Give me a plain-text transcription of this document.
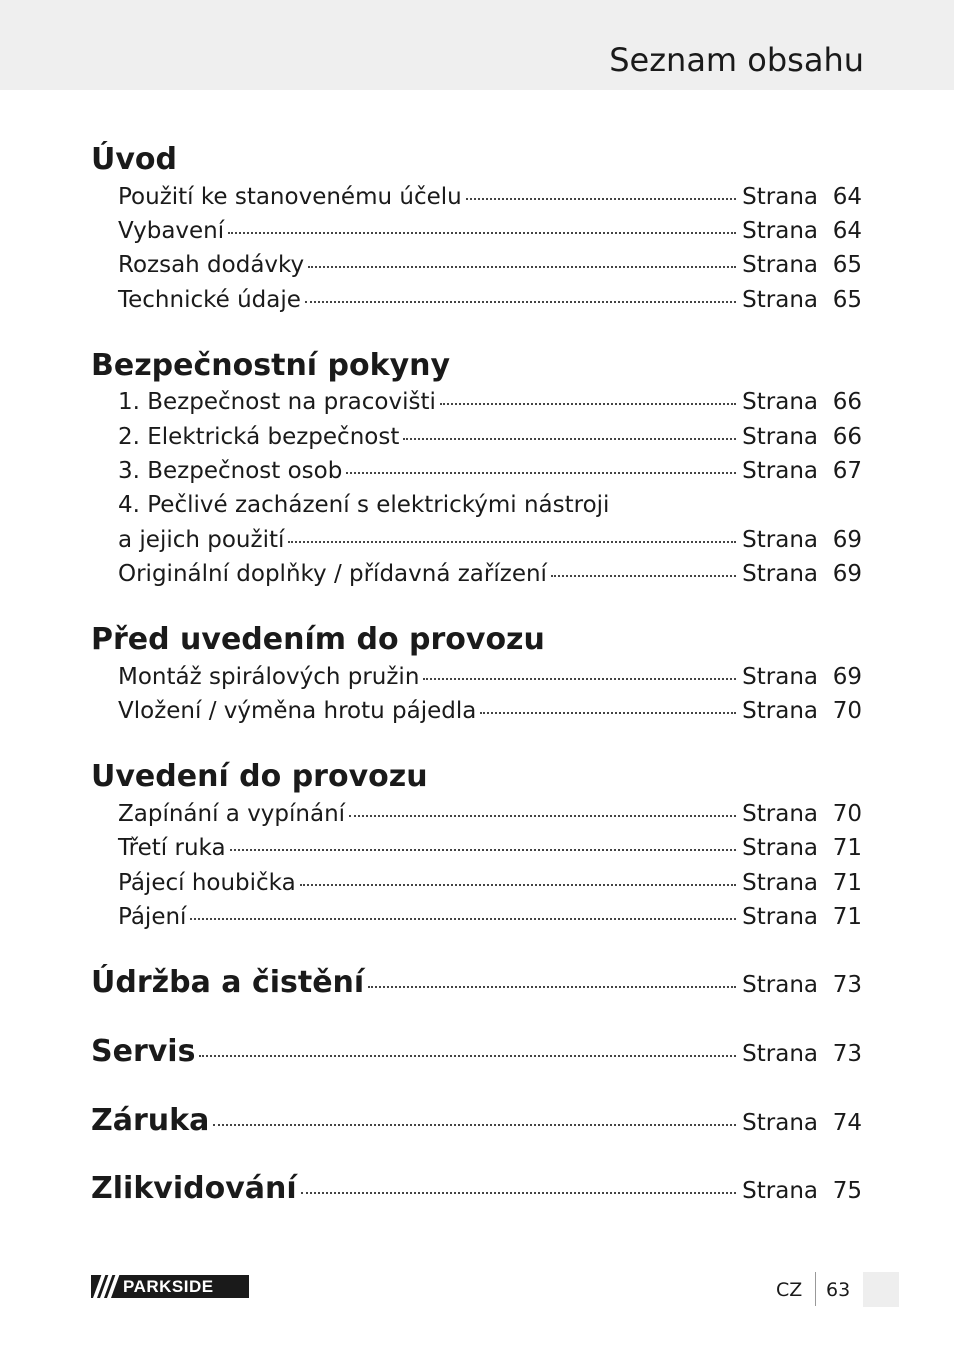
Seznam obsahu
Úvod
Použití ke stanovenému účelu	Strana 64
Vybavení	Strana 64
Rozsah dodávky	Strana 65
Technické údaje	Strana 65
Bezpečnostní pokyny
1. Bezpečnost na pracovišti	Strana 66
2. Elektrická bezpečnost	Strana 66
3. Bezpečnost osob	Strana 67
4. Pečlivé zacházení s elektrickými nástroji
a jejich použití	Strana 69
Originální doplňky / přídavná zařízení	Strana 69
Před uvedením do provozu
Montáž spirálových pružin	Strana 69
Vložení / výměna hrotu pájedla	Strana 70
Uvedení do provozu
Zapínání a vypínání	Strana 70
Třetí ruka	Strana 71
Pájecí houbička	Strana 71
Pájení	Strana 71
Údržba a čistění	Strana 73
Servis	Strana 73
Záruka	Strana 74
Zlikvidování	Strana 75
PARKSIDE	CZ 63
